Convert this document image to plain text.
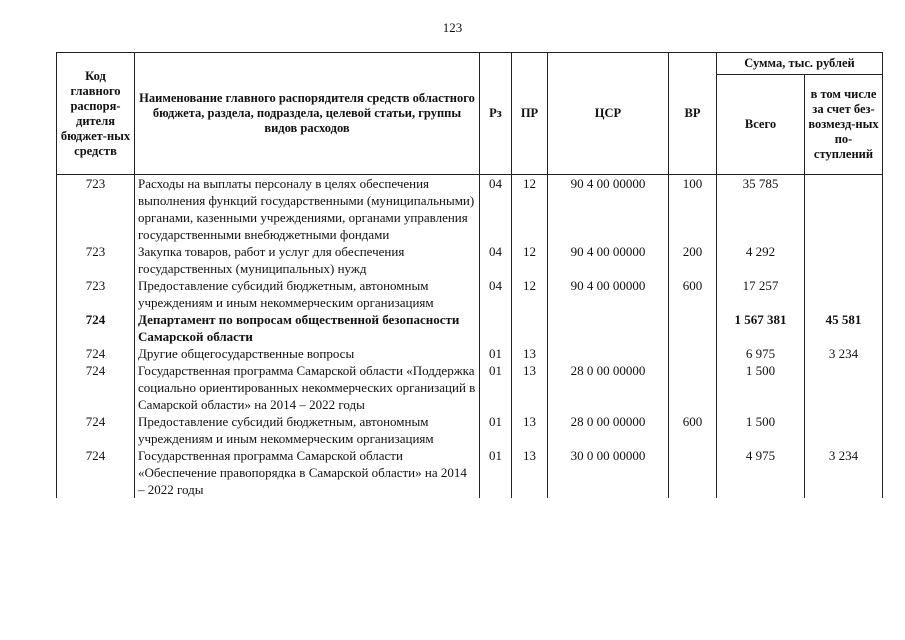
123
Код главного распоря-дителя бюджет-ных средств	Наименование главного распорядителя средств областного бюджета, раздела, подраздела, целевой статьи, группы видов расходов	Рз	ПР	ЦСР	ВР	Сумма, тыс. рублей	
						Всего	в том числе за счет без-возмезд-ных по-ступлений
723	Расходы на выплаты персоналу в целях обеспечения выполнения функций государственными (муниципальными) органами, казенными учреждениями, органами управления государственными внебюджетными фондами	04	12	90 4 00 00000	100	35 785	
723	Закупка товаров, работ и услуг для обеспечения государственных (муниципальных) нужд	04	12	90 4 00 00000	200	4 292	
723	Предоставление субсидий бюджетным, автономным учреждениям и иным некоммерческим организациям	04	12	90 4 00 00000	600	17 257	
724	Департамент по вопросам общественной безопасности Самарской области					1 567 381	45 581
724	Другие общегосударственные вопросы	01	13			6 975	3 234
724	Государственная программа Самарской области «Поддержка социально ориентированных некоммерческих организаций в Самарской области» на 2014 – 2022 годы	01	13	28 0 00 00000		1 500	
724	Предоставление субсидий бюджетным, автономным учреждениям и иным некоммерческим организациям	01	13	28 0 00 00000	600	1 500	
724	Государственная программа Самарской области «Обеспечение правопорядка в Самарской области» на 2014 – 2022 годы	01	13	30 0 00 00000		4 975	3 234
